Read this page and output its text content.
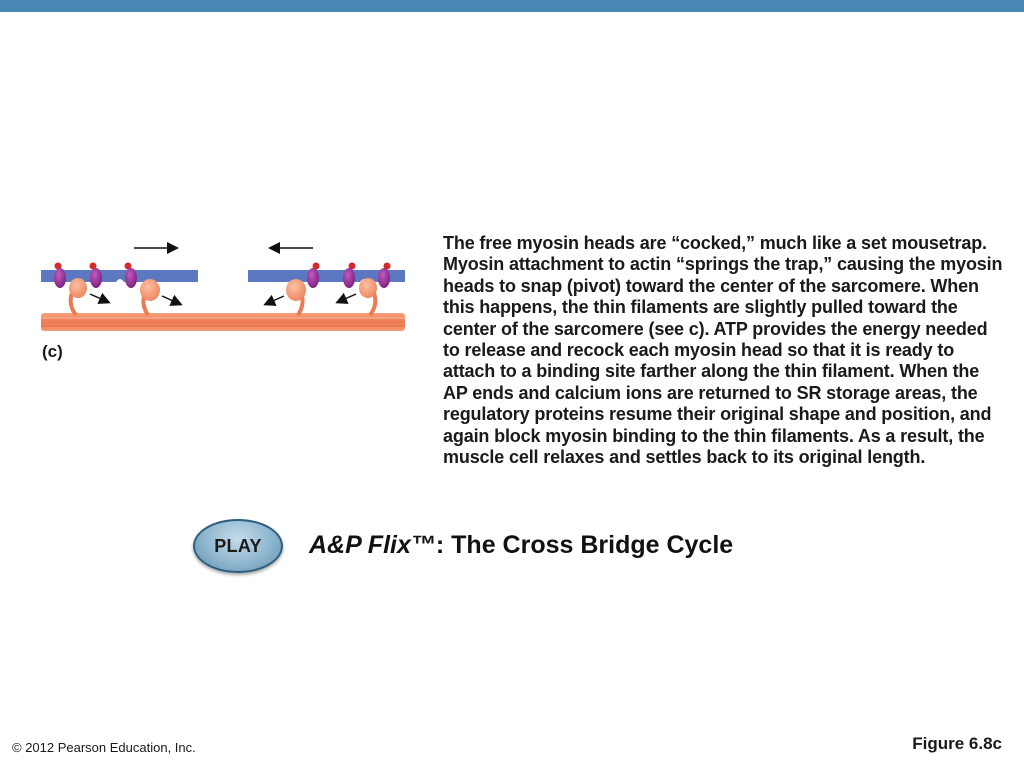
(c)
The free myosin heads are “cocked,” much like a set mousetrap. Myosin attachment to actin “springs the trap,” causing the myosin heads to snap (pivot) toward the center of the sarcomere. When this happens, the thin filaments are slightly pulled toward the center of the sarcomere (see c). ATP provides the energy needed to release and recock each myosin head so that it is ready to attach to a binding site farther along the thin filament. When the AP ends and calcium ions are returned to SR storage areas, the regulatory proteins resume their original shape and position, and again block myosin binding to the thin filaments. As a result, the muscle cell relaxes and settles back to its original length.
PLAY A&P Flix™: The Cross Bridge Cycle
© 2012 Pearson Education, Inc.	Figure 6.8c
